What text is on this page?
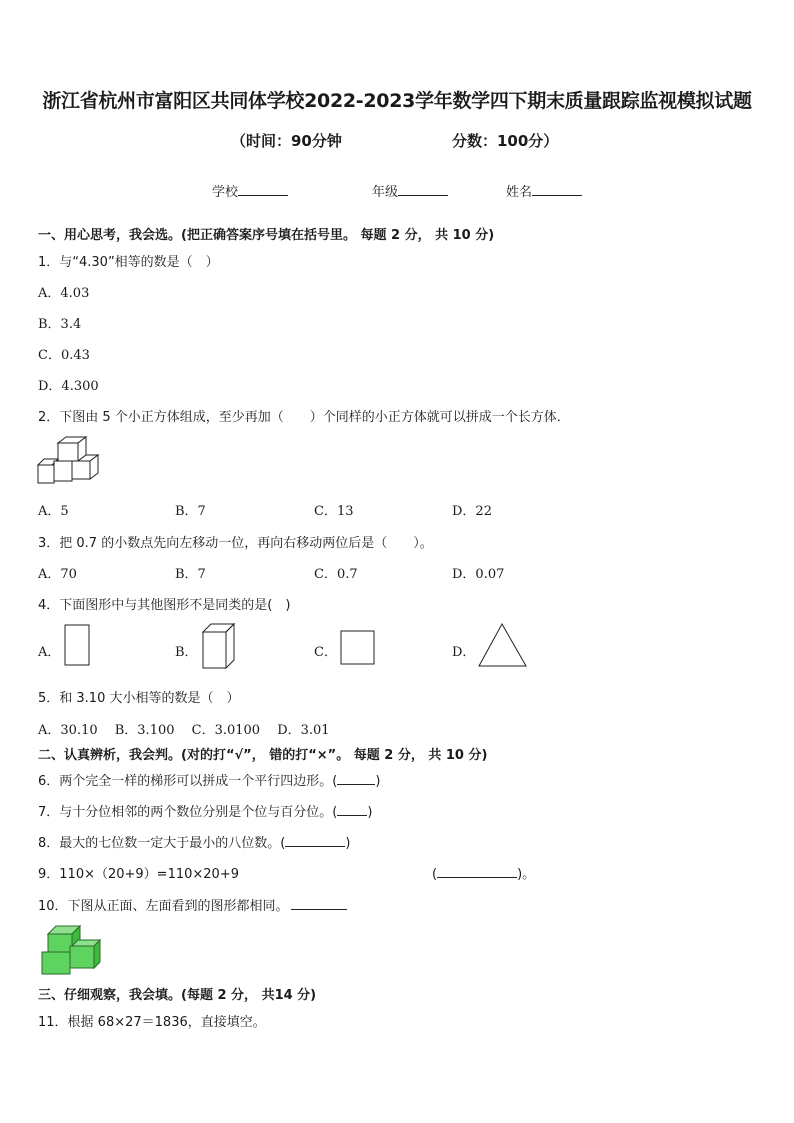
浙江省杭州市富阳区共同体学校2022-2023学年数学四下期末质量跟踪监视模拟试题
（时间：90分钟	分数：100分）
学校	年级	姓名
一、用心思考，我会选。(把正确答案序号填在括号里。 每题 2 分， 共 10 分)
1．与“4.30”相等的数是（　）
A．4.03
B．3.4
C．0.43
D．4.300
2．下图由 5 个小正方体组成，至少再加（　　）个同样的小正方体就可以拼成一个长方体．
A．5	B．7	C．13	D．22
3．把 0.7 的小数点先向左移动一位，再向右移动两位后是（　　）。
A．70	B．7	C．0.7	D．0.07
4．下面图形中与其他图形不是同类的是(　)
A．	B．	C．	D．
5．和 3.10 大小相等的数是（　）
A．30.10　 B．3.100　 C．3.0100　 D．3.01
二、认真辨析，我会判。(对的打“√”， 错的打“×”。 每题 2 分， 共 10 分)
6．两个完全一样的梯形可以拼成一个平行四边形。(	)
7．与十分位相邻的两个数位分别是个位与百分位。( )
8．最大的七位数一定大于最小的八位数。(	)
9．110×（20+9）=110×20+9	(	)。
10．下图从正面、左面看到的图形都相同。
三、仔细观察，我会填。(每题 2 分， 共14 分)
11．根据 68×27＝1836，直接填空。
